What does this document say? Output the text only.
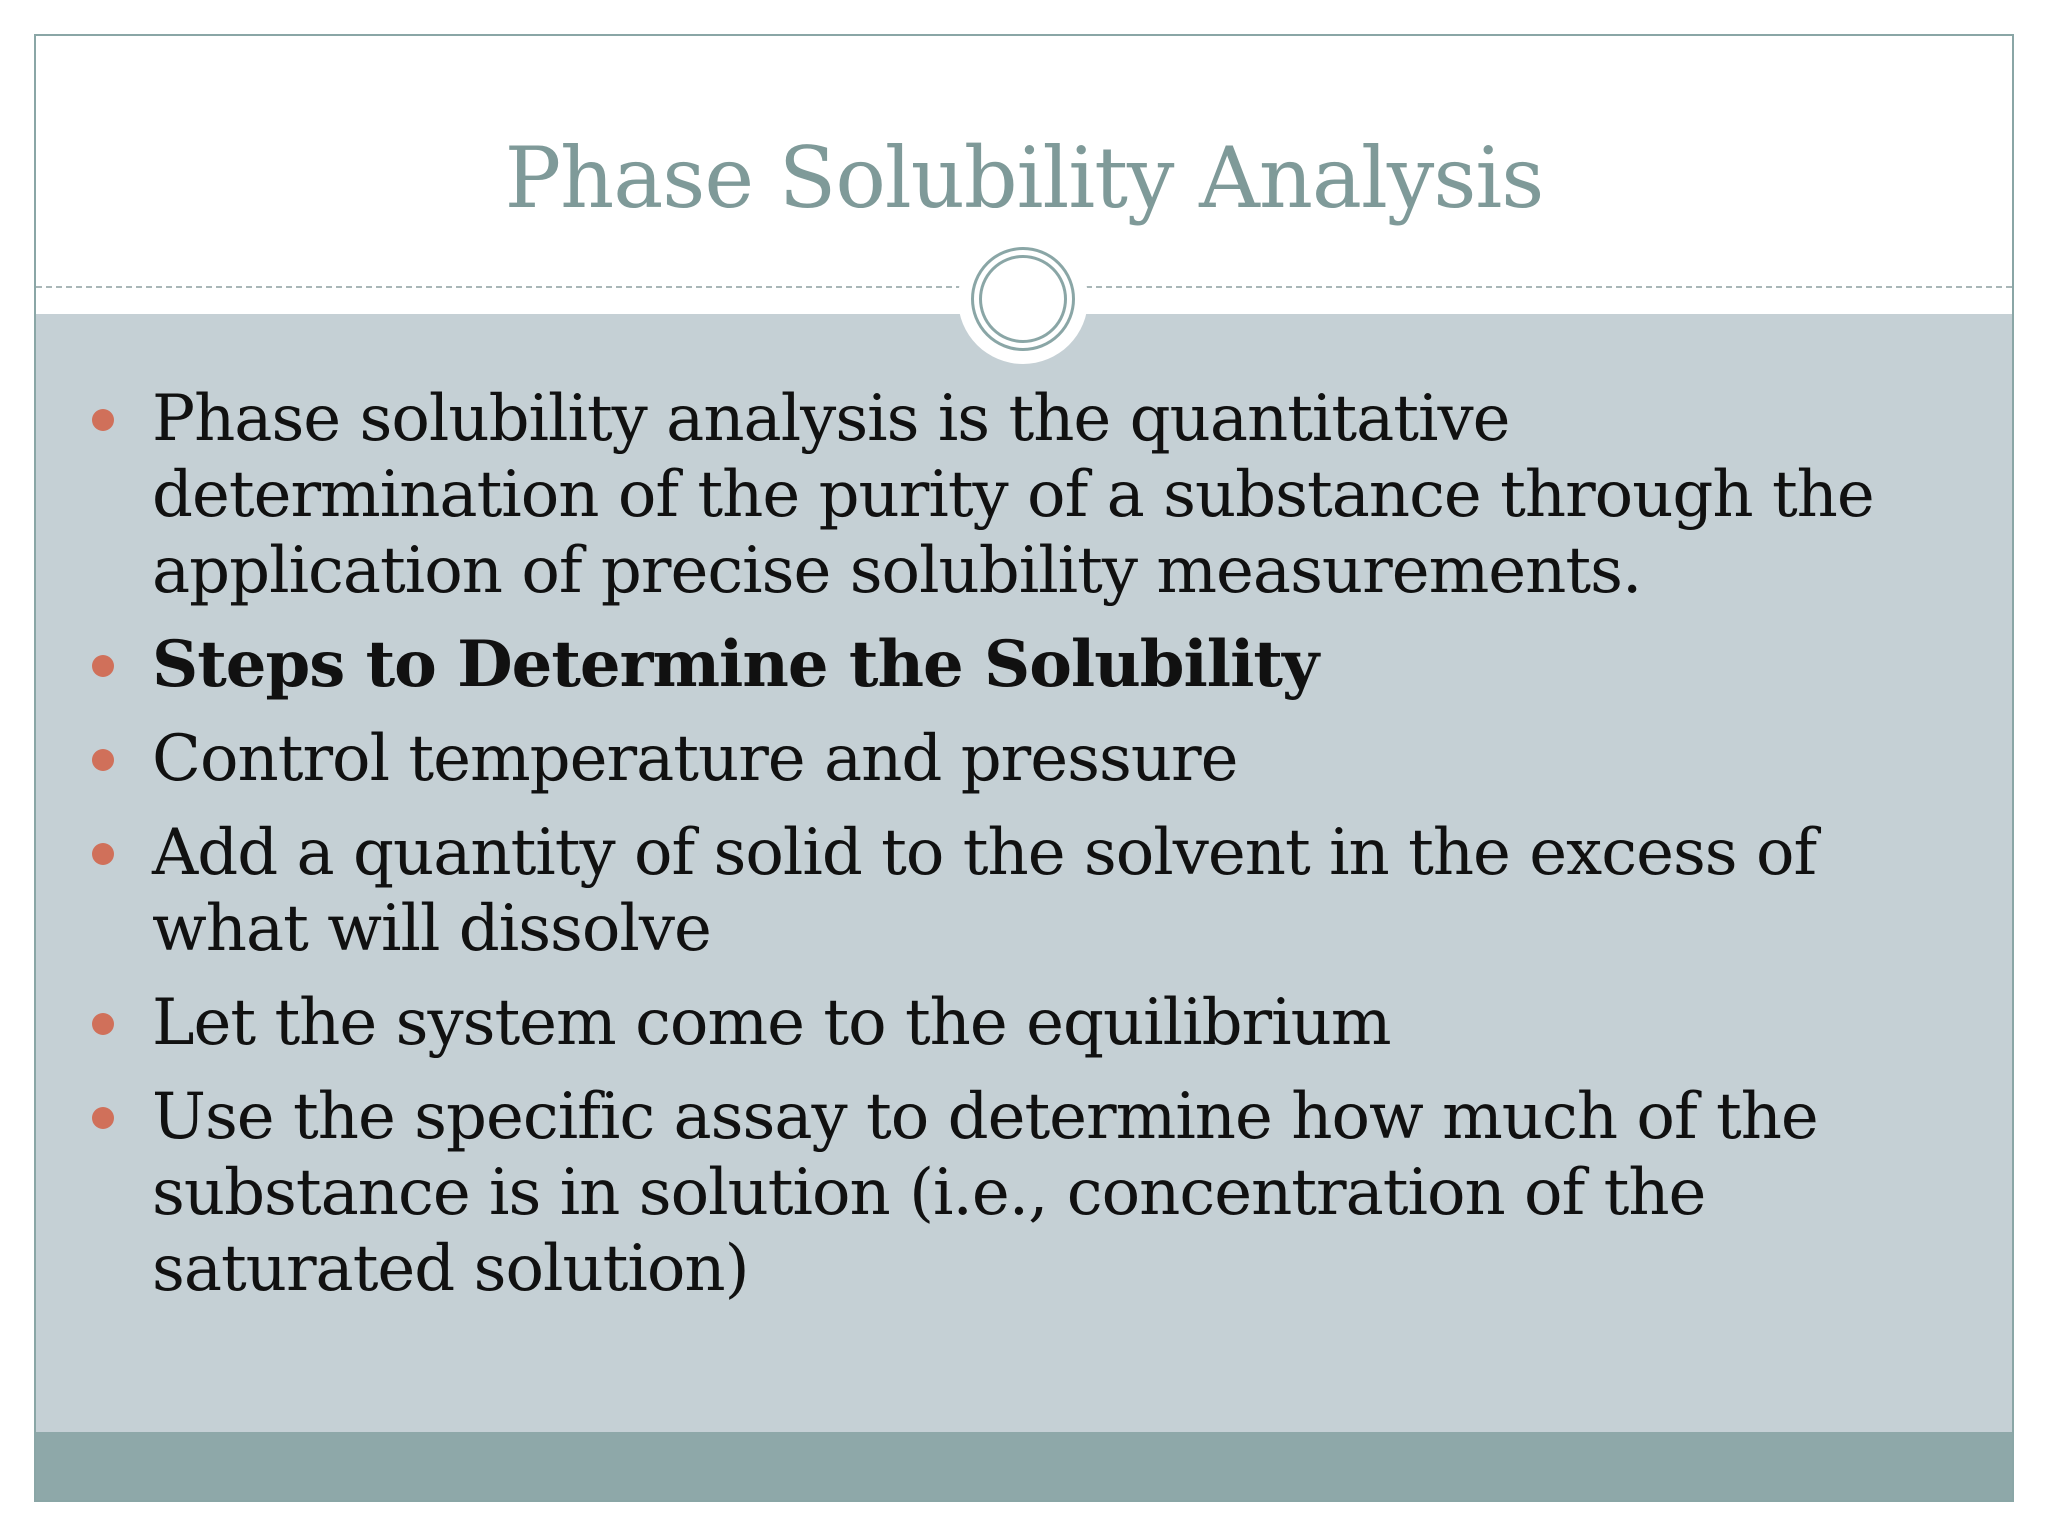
Phase Solubility Analysis
Phase solubility analysis is the quantitative determination of the purity of a substance through the application of precise solubility measurements.
Steps to Determine the Solubility
Control temperature and pressure
Add a quantity of solid to the solvent in the excess of what will dissolve
Let the system come to the equilibrium
Use the specific assay to determine how much of the substance is in solution (i.e., concentration of the saturated solution)
